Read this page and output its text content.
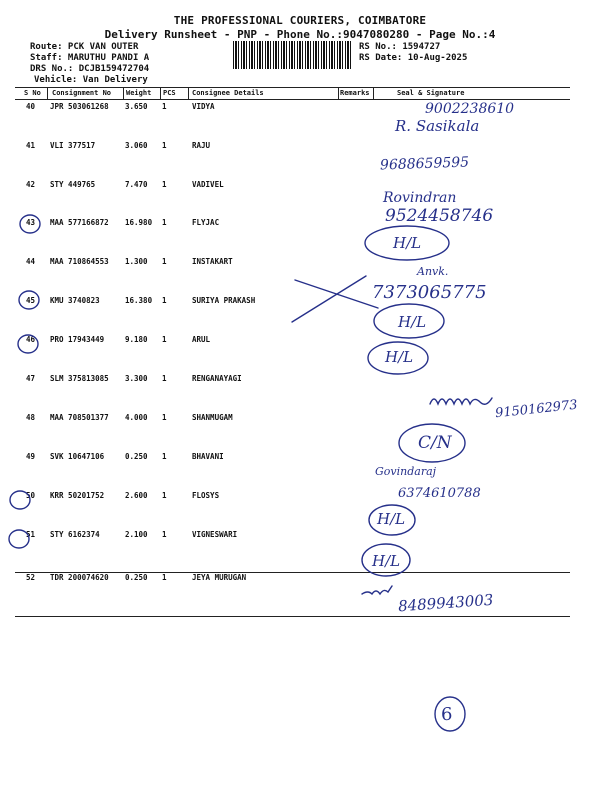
THE PROFESSIONAL COURIERS, COIMBATORE
Delivery Runsheet - PNP - Phone No.:9047080280 - Page No.:4
Route: PCK VAN OUTER
Staff: MARUTHU PANDI A
DRS No.: DCJB159472704
Vehicle: Van Delivery
RS No.: 1594727
RS Date: 10-Aug-2025
S No Consignment No Weight PCS Consignee Details	Remarks	Seal & Signature
40 JPR 503061268 3.650 1	VIDYA
41 VLI 377517	3.060 1	RAJU
42 STY 449765	7.470 1	VADIVEL
43 MAA 577166872 16.980 1	FLYJAC
44 MAA 710864553 1.300 1	INSTAKART
45 KMU 3740823	16.380 1	SURIYA PRAKASH
46 PRO 17943449	9.180 1	ARUL
47 SLM 375813085 3.300 1	RENGANAYAGI
48 MAA 708501377 4.000 1	SHANMUGAM
49 SVK 10647106	0.250 1	BHAVANI
50 KRR 50201752	2.600 1	FLOSYS
51 STY 6162374	2.100 1	VIGNESWARI
52 TDR 200074620 0.250 1	JEYA MURUGAN
9002238610
R. Sasikala
9688659595
Rovindran
9524458746
H/L
Anvk.
7373065775
H/L
H/L
9150162973
C/N
Govindaraj
6374610788
H/L
H/L
8489943003
6
